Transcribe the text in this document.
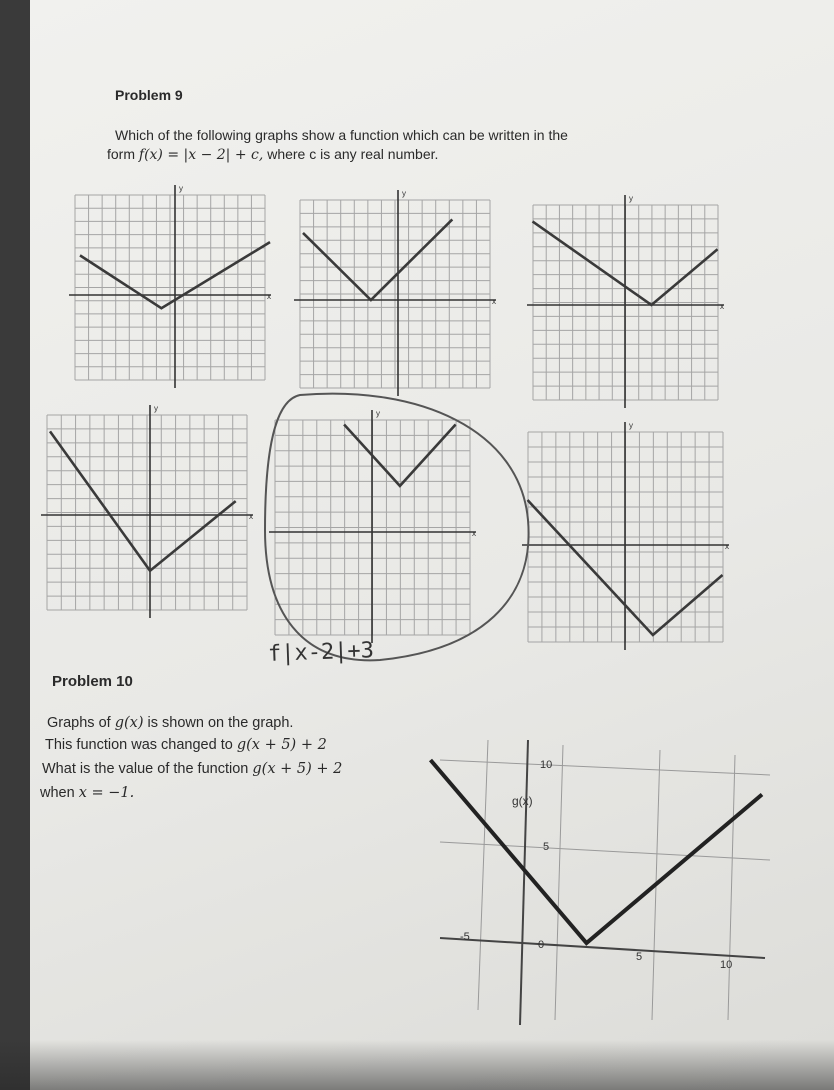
Problem 9
Which of the following graphs show a function which can be written in the
form f(x) = |x − 2| + c, where c is any real number.
x
y
x
y
x
y
x
y
x
y
x
y
f|x-2|+3
Problem 10
Graphs of g(x) is shown on the graph.
This function was changed to g(x + 5) + 2
What is the value of the function g(x + 5) + 2
when x = −1.	g(x)
10
5
-5
0
5
10
